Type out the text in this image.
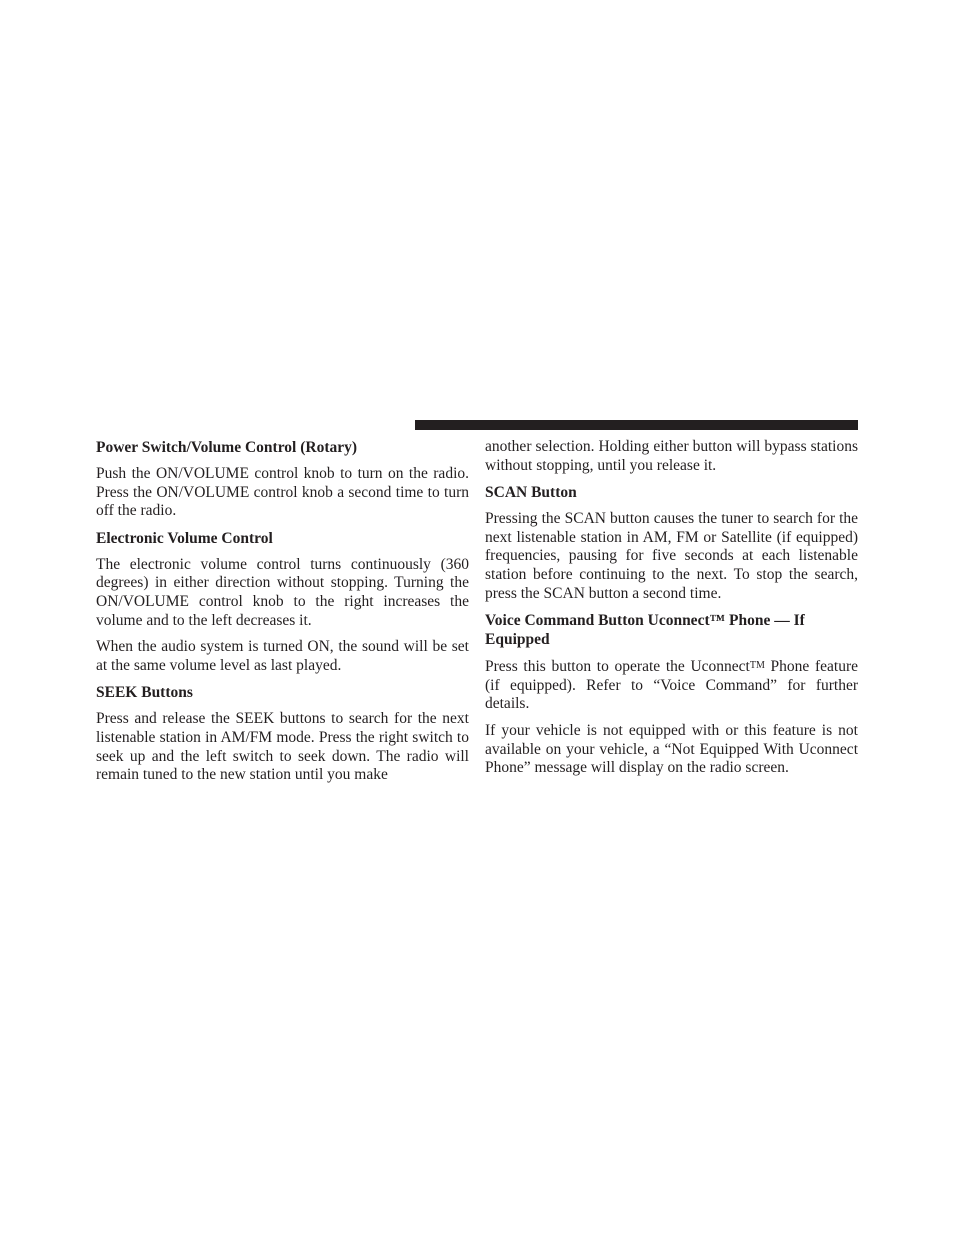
Power Switch/Volume Control (Rotary)
Push the ON/VOLUME control knob to turn on the radio. Press the ON/VOLUME control knob a second time to turn off the radio.
Electronic Volume Control
The electronic volume control turns continuously (360 degrees) in either direction without stopping. Turning the ON/VOLUME control knob to the right increases the volume and to the left decreases it.
When the audio system is turned ON, the sound will be set at the same volume level as last played.
SEEK Buttons
Press and release the SEEK buttons to search for the next listenable station in AM/FM mode. Press the right switch to seek up and the left switch to seek down. The radio will remain tuned to the new station until you make
another selection. Holding either button will bypass stations without stopping, until you release it.
SCAN Button
Pressing the SCAN button causes the tuner to search for the next listenable station in AM, FM or Satellite (if equipped) frequencies, pausing for five seconds at each listenable station before continuing to the next. To stop the search, press the SCAN button a second time.
Voice Command Button Uconnect™ Phone — If Equipped
Press this button to operate the UconnectTM Phone feature (if equipped). Refer to “Voice Command” for further details.
If your vehicle is not equipped with or this feature is not available on your vehicle, a “Not Equipped With Uconnect Phone” message will display on the radio screen.
